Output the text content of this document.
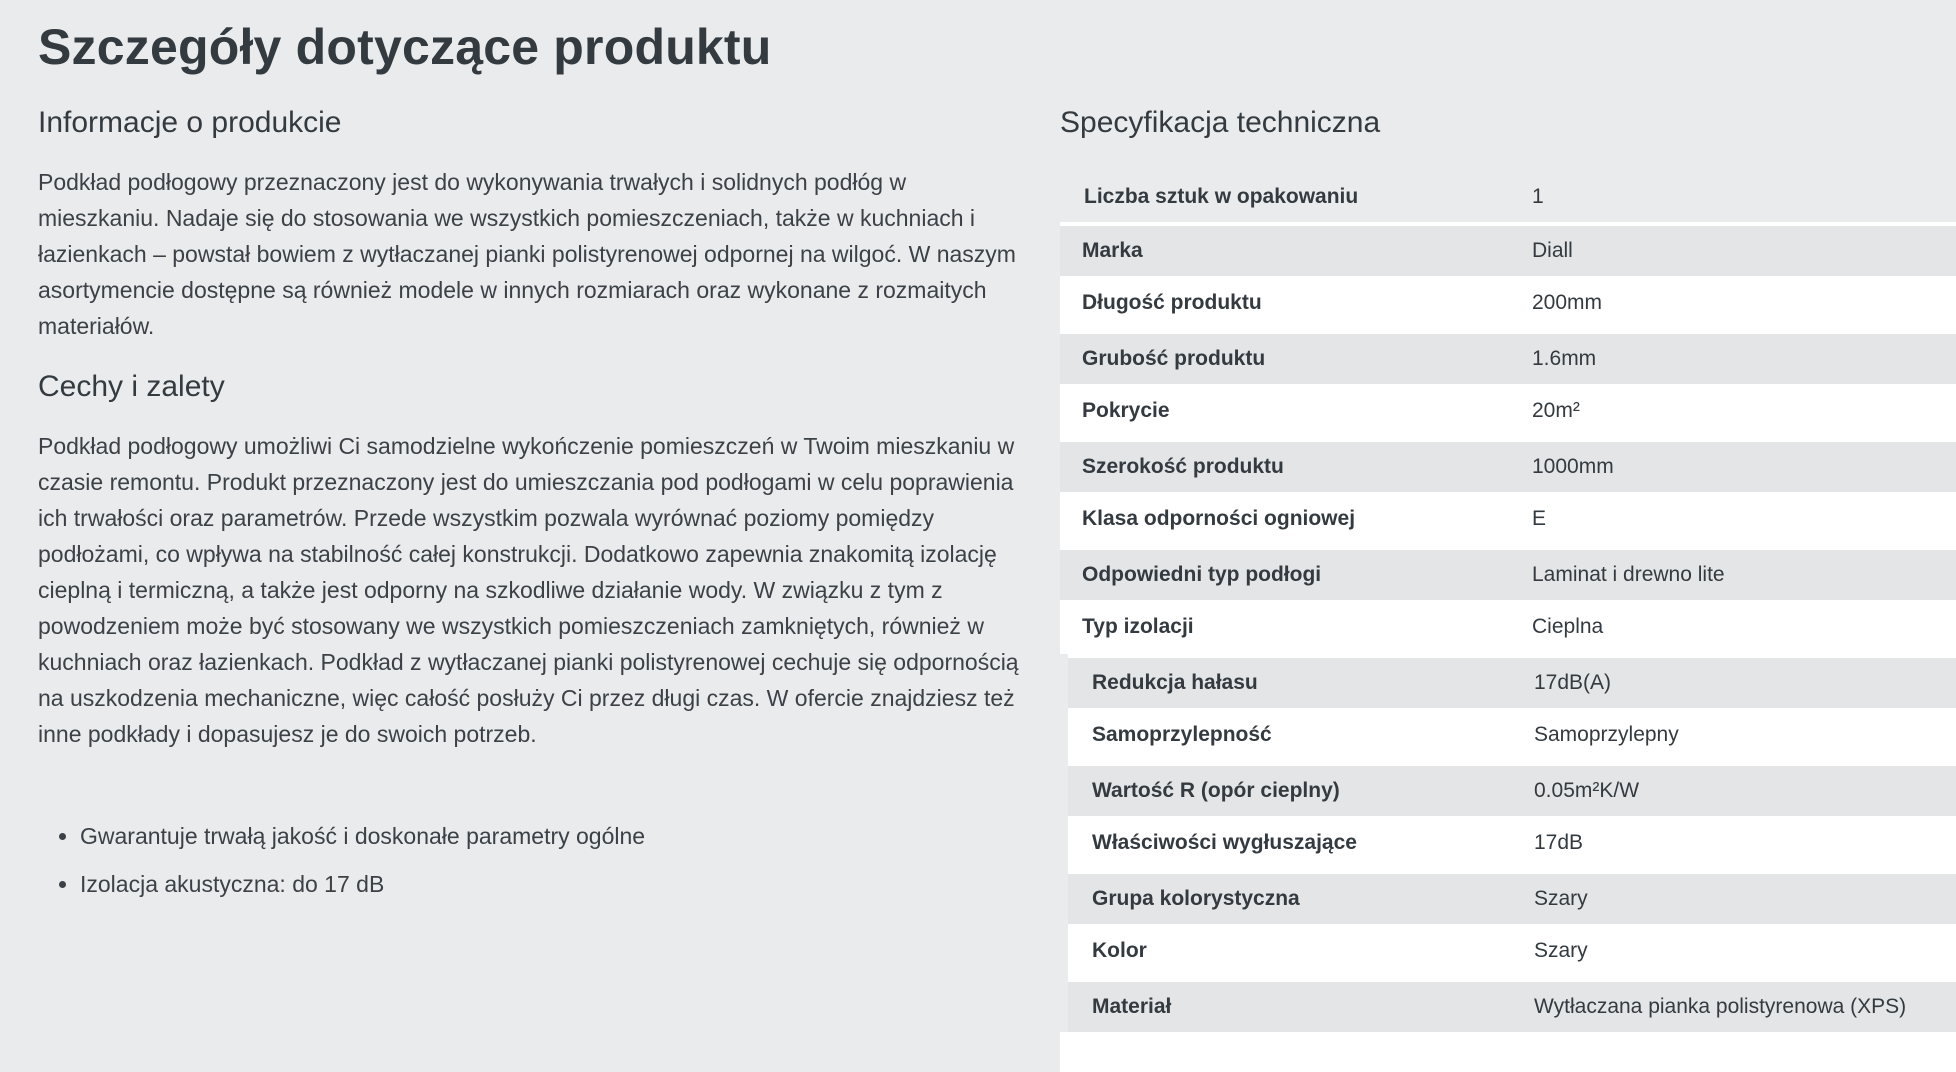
Szczegóły dotyczące produktu
Informacje o produkcie

Podkład podłogowy przeznaczony jest do wykonywania trwałych i solidnych podłóg w mieszkaniu. Nadaje się do stosowania we wszystkich pomieszczeniach, także w kuchniach i łazienkach – powstał bowiem z wytłaczanej pianki polistyrenowej odpornej na wilgoć. W naszym asortymencie dostępne są również modele w innych rozmiarach oraz wykonane z rozmaitych materiałów.

Cechy i zalety

Podkład podłogowy umożliwi Ci samodzielne wykończenie pomieszczeń w Twoim mieszkaniu w czasie remontu. Produkt przeznaczony jest do umieszczania pod podłogami w celu poprawienia ich trwałości oraz parametrów. Przede wszystkim pozwala wyrównać poziomy pomiędzy podłożami, co wpływa na stabilność całej konstrukcji. Dodatkowo zapewnia znakomitą izolację cieplną i termiczną, a także jest odporny na szkodliwe działanie wody. W związku z tym z powodzeniem może być stosowany we wszystkich pomieszczeniach zamkniętych, również w kuchniach oraz łazienkach. Podkład z wytłaczanej pianki polistyrenowej cechuje się odpornością na uszkodzenia mechaniczne, więc całość posłuży Ci przez długi czas. W ofercie znajdziesz też inne podkłady i dopasujesz je do swoich potrzeb.

• Gwarantuje trwałą jakość i doskonałe parametry ogólne
• Izolacja akustyczna: do 17 dB
Specyfikacja techniczna
Liczba sztuk w opakowaniu	1
Marka	Diall
Długość produktu	200mm
Grubość produktu	1.6mm
Pokrycie	20m²
Szerokość produktu	1000mm
Klasa odporności ogniowej	E
Odpowiedni typ podłogi	Laminat i drewno lite
Typ izolacji	Cieplna
Redukcja hałasu	17dB(A)
Samoprzylepność	Samoprzylepny
Wartość R (opór cieplny)	0.05m²K/W
Właściwości wygłuszające	17dB
Grupa kolorystyczna	Szary
Kolor	Szary
Materiał	Wytłaczana pianka polistyrenowa (XPS)
